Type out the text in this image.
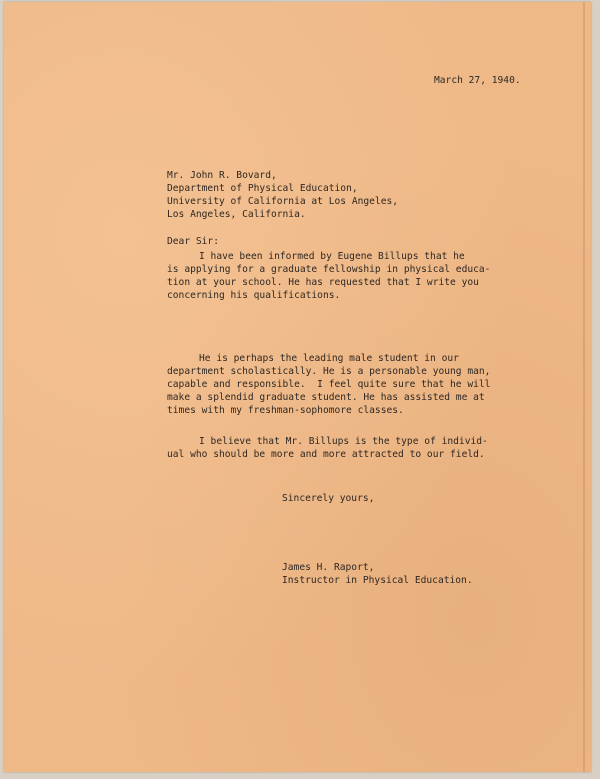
March 27, 1940.
Mr. John R. Bovard,
Department of Physical Education,
University of California at Los Angeles,
Los Angeles, California.
Dear Sir:
I have been informed by Eugene Billups that he
is applying for a graduate fellowship in physical educa-
tion at your school. He has requested that I write you
concerning his qualifications.
He is perhaps the leading male student in our
department scholastically. He is a personable young man,
capable and responsible.  I feel quite sure that he will
make a splendid graduate student. He has assisted me at
times with my freshman-sophomore classes.
I believe that Mr. Billups is the type of individ-
ual who should be more and more attracted to our field.
Sincerely yours,
James H. Raport,
Instructor in Physical Education.
